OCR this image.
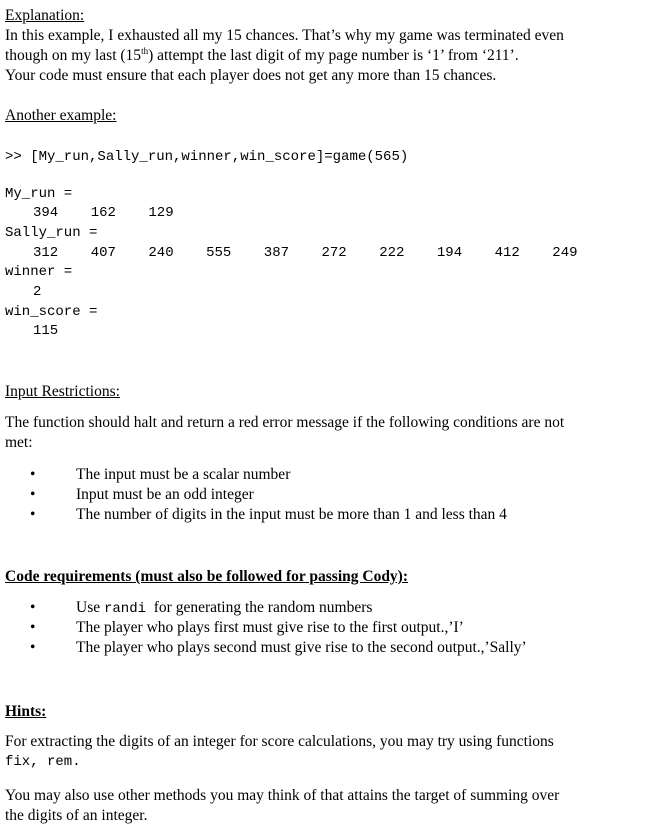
Explanation:
In this example, I exhausted all my 15 chances. That’s why my game was terminated even
though on my last (15th) attempt the last digit of my page number is ‘1’ from ‘211’.
Your code must ensure that each player does not get any more than 15 chances.
Another example:
>> [My_run,Sally_run,winner,win_score]=game(565)
My_run =
394 162 129
Sally_run =
312 407 240 555 387 272 222 194 412 249
winner =
2
win_score =
115
Input Restrictions:
The function should halt and return a red error message if the following conditions are not
met:
•	The input must be a scalar number
•	Input must be an odd integer
•	The number of digits in the input must be more than 1 and less than 4
Code requirements (must also be followed for passing Cody):
•	Use randi  for generating the random numbers
•	The player who plays first must give rise to the first output.,’I’
•	The player who plays second must give rise to the second output.,’Sally’
Hints:
For extracting the digits of an integer for score calculations, you may try using functions
fix, rem.
You may also use other methods you may think of that attains the target of summing over
the digits of an integer.
